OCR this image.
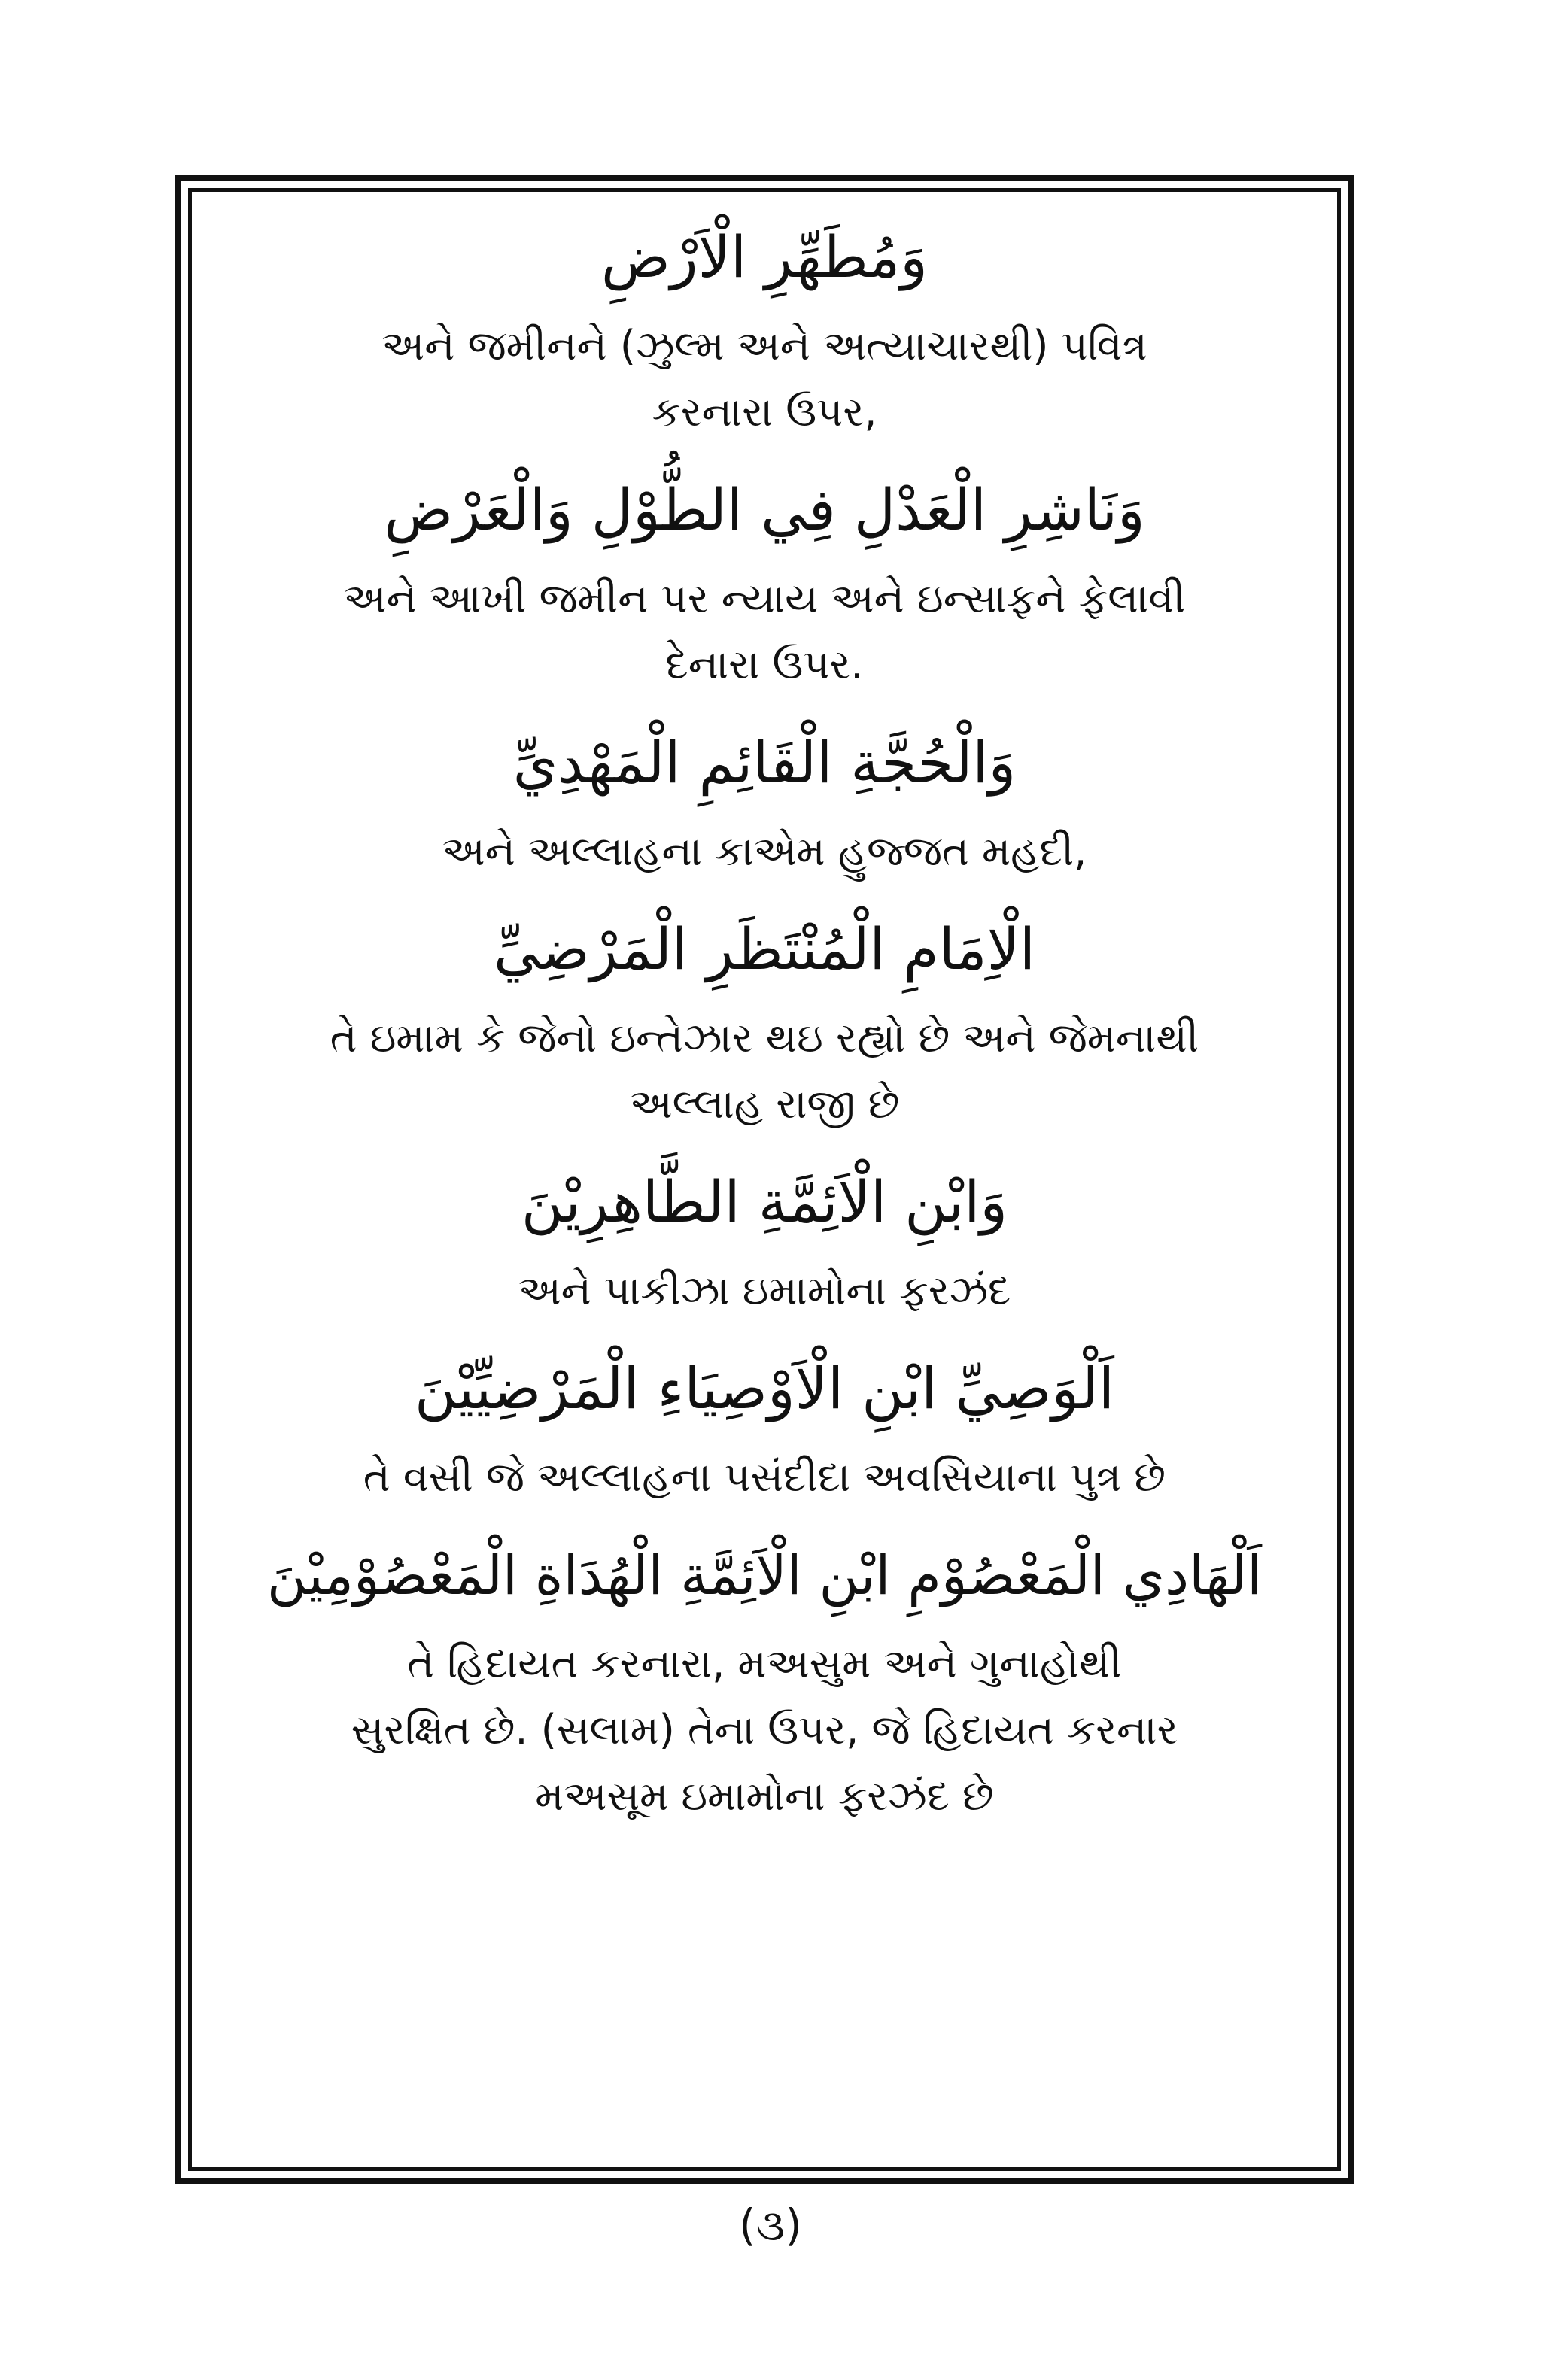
وَمُطَهِّرِ الْاَرْضِ
અને જમીનને (ઝુલ્મ અને અત્યાચારથી) પવિત્ર
કરનારા ઉપર,
وَنَاشِرِ الْعَدْلِ فِي الطُّوْلِ وَالْعَرْضِ
અને આખી જમીન પર ન્યાય અને ઇન્સાફને ફેલાવી
દેનારા ઉપર.
وَالْحُجَّةِ الْقَائِمِ الْمَهْدِيِّ
અને અલ્લાહના કાએમ હુજ્જત મહદી,
الْاِمَامِ الْمُنْتَظَرِ الْمَرْضِيِّ
તે ઇમામ કે જેનો ઇન્તેઝાર થઇ રહ્યો છે અને જેમનાથી
અલ્લાહ રાજી છે
وَابْنِ الْاَئِمَّةِ الطَّاهِرِيْنَ
અને પાકીઝા ઇમામોના ફરઝંદ
اَلْوَصِيِّ ابْنِ الْاَوْصِيَاءِ الْمَرْضِيِّيْنَ
તે વસી જે અલ્લાહના પસંદીદા અવસિયાના પુત્ર છે
اَلْهَادِي الْمَعْصُوْمِ ابْنِ الْاَئِمَّةِ الْهُدَاةِ الْمَعْصُوْمِيْنَ
તે હિદાયત કરનારા, મઅસુમ અને ગુનાહોથી
સુરક્ષિત છે. (સલામ) તેના ઉપર, જે હિદાયત કરનાર
મઅસૂમ ઇમામોના ફરઝંદ છે
(૩)
